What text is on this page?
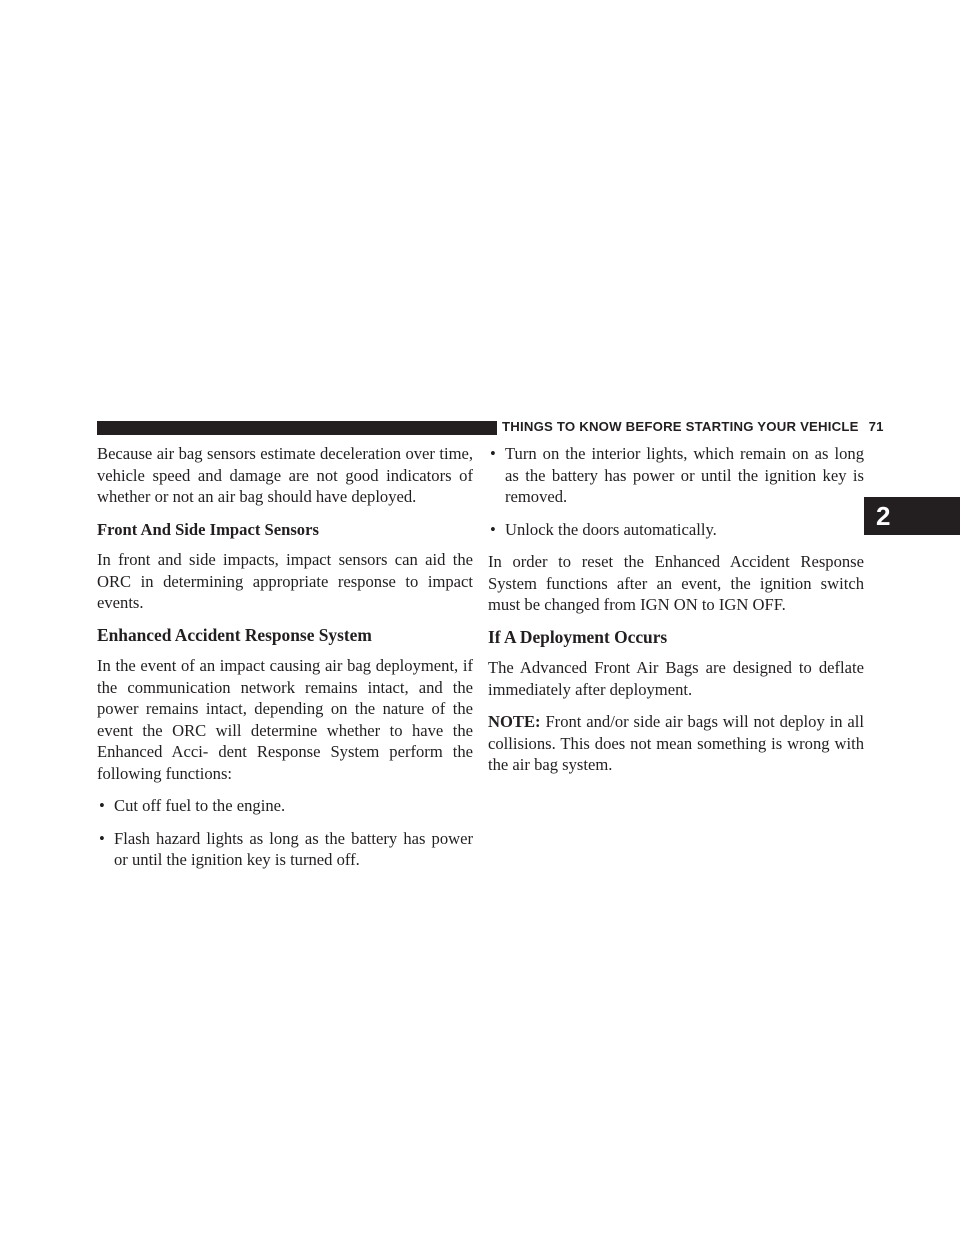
THINGS TO KNOW BEFORE STARTING YOUR VEHICLE 71
2

Because air bag sensors estimate deceleration over time, vehicle speed and damage are not good indicators of whether or not an air bag should have deployed.

Front And Side Impact Sensors

In front and side impacts, impact sensors can aid the ORC in determining appropriate response to impact events.

Enhanced Accident Response System

In the event of an impact causing air bag deployment, if the communication network remains intact, and the power remains intact, depending on the nature of the event the ORC will determine whether to have the Enhanced Acci- dent Response System perform the following functions:

• Cut off fuel to the engine.
• Flash hazard lights as long as the battery has power or until the ignition key is turned off.
• Turn on the interior lights, which remain on as long as the battery has power or until the ignition key is removed.
• Unlock the doors automatically.

In order to reset the Enhanced Accident Response System functions after an event, the ignition switch must be changed from IGN ON to IGN OFF.

If A Deployment Occurs

The Advanced Front Air Bags are designed to deflate immediately after deployment.

NOTE: Front and/or side air bags will not deploy in all collisions. This does not mean something is wrong with the air bag system.
